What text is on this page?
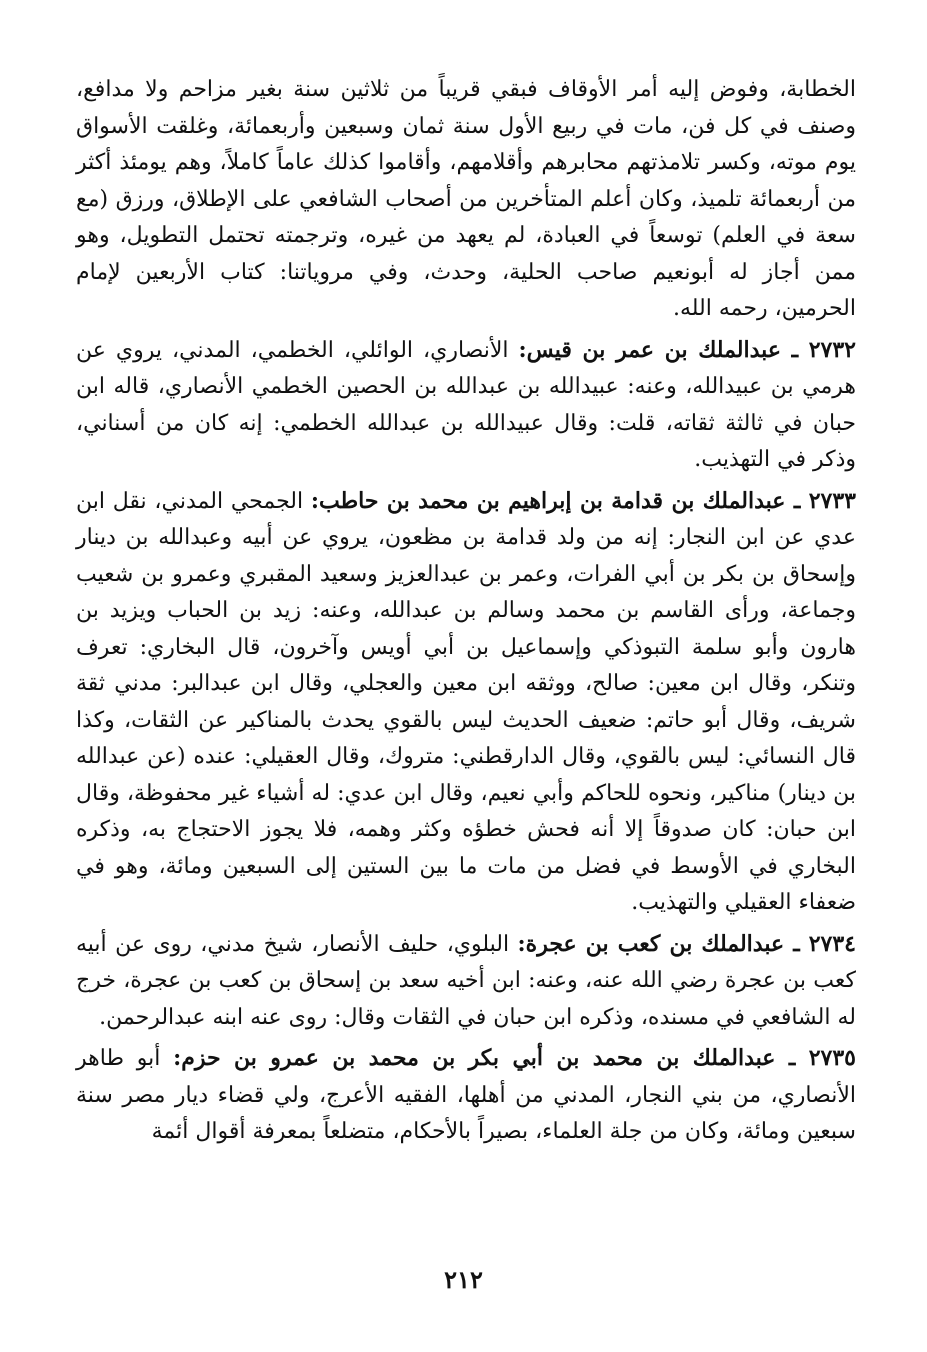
الخطابة، وفوض إليه أمر الأوقاف فبقي قريباً من ثلاثين سنة بغير مزاحم ولا مدافع، وصنف في كل فن، مات في ربيع الأول سنة ثمان وسبعين وأربعمائة، وغلقت الأسواق يوم موته، وكسر تلامذتهم محابرهم وأقلامهم، وأقاموا كذلك عاماً كاملاً، وهم يومئذ أكثر من أربعمائة تلميذ، وكان أعلم المتأخرين من أصحاب الشافعي على الإطلاق، ورزق (مع سعة في العلم) توسعاً في العبادة، لم يعهد من غيره، وترجمته تحتمل التطويل، وهو ممن أجاز له أبونعيم صاحب الحلية، وحدث، وفي مروياتنا: كتاب الأربعين لإمام الحرمين، رحمه الله.

٢٧٣٢ ـ عبدالملك بن عمر بن قيس: الأنصاري، الوائلي، الخطمي، المدني، يروي عن هرمي بن عبيدالله، وعنه: عبيدالله بن عبدالله بن الحصين الخطمي الأنصاري، قاله ابن حبان في ثالثة ثقاته، قلت: وقال عبيدالله بن عبدالله الخطمي: إنه كان من أسناني، وذكر في التهذيب.

٢٧٣٣ ـ عبدالملك بن قدامة بن إبراهيم بن محمد بن حاطب: الجمحي المدني، نقل ابن عدي عن ابن النجار: إنه من ولد قدامة بن مظعون، يروي عن أبيه وعبدالله بن دينار وإسحاق بن بكر بن أبي الفرات، وعمر بن عبدالعزيز وسعيد المقبري وعمرو بن شعيب وجماعة، ورأى القاسم بن محمد وسالم بن عبدالله، وعنه: زيد بن الحباب ويزيد بن هارون وأبو سلمة التبوذكي وإسماعيل بن أبي أويس وآخرون، قال البخاري: تعرف وتنكر، وقال ابن معين: صالح، ووثقه ابن معين والعجلي، وقال ابن عبدالبر: مدني ثقة شريف، وقال أبو حاتم: ضعيف الحديث ليس بالقوي يحدث بالمناكير عن الثقات، وكذا قال النسائي: ليس بالقوي، وقال الدارقطني: متروك، وقال العقيلي: عنده (عن عبدالله بن دينار) مناكير، ونحوه للحاكم وأبي نعيم، وقال ابن عدي: له أشياء غير محفوظة، وقال ابن حبان: كان صدوقاً إلا أنه فحش خطؤه وكثر وهمه، فلا يجوز الاحتجاج به، وذكره البخاري في الأوسط في فضل من مات ما بين الستين إلى السبعين ومائة، وهو في ضعفاء العقيلي والتهذيب.

٢٧٣٤ ـ عبدالملك بن كعب بن عجرة: البلوي، حليف الأنصار، شيخ مدني، روى عن أبيه كعب بن عجرة رضي الله عنه، وعنه: ابن أخيه سعد بن إسحاق بن كعب بن عجرة، خرج له الشافعي في مسنده، وذكره ابن حبان في الثقات وقال: روى عنه ابنه عبدالرحمن.

٢٧٣٥ ـ عبدالملك بن محمد بن أبي بكر بن محمد بن عمرو بن حزم: أبو طاهر الأنصاري، من بني النجار، المدني من أهلها، الفقيه الأعرج، ولي قضاء ديار مصر سنة سبعين ومائة، وكان من جلة العلماء، بصيراً بالأحكام، متضلعاً بمعرفة أقوال أئمة

٢١٢
